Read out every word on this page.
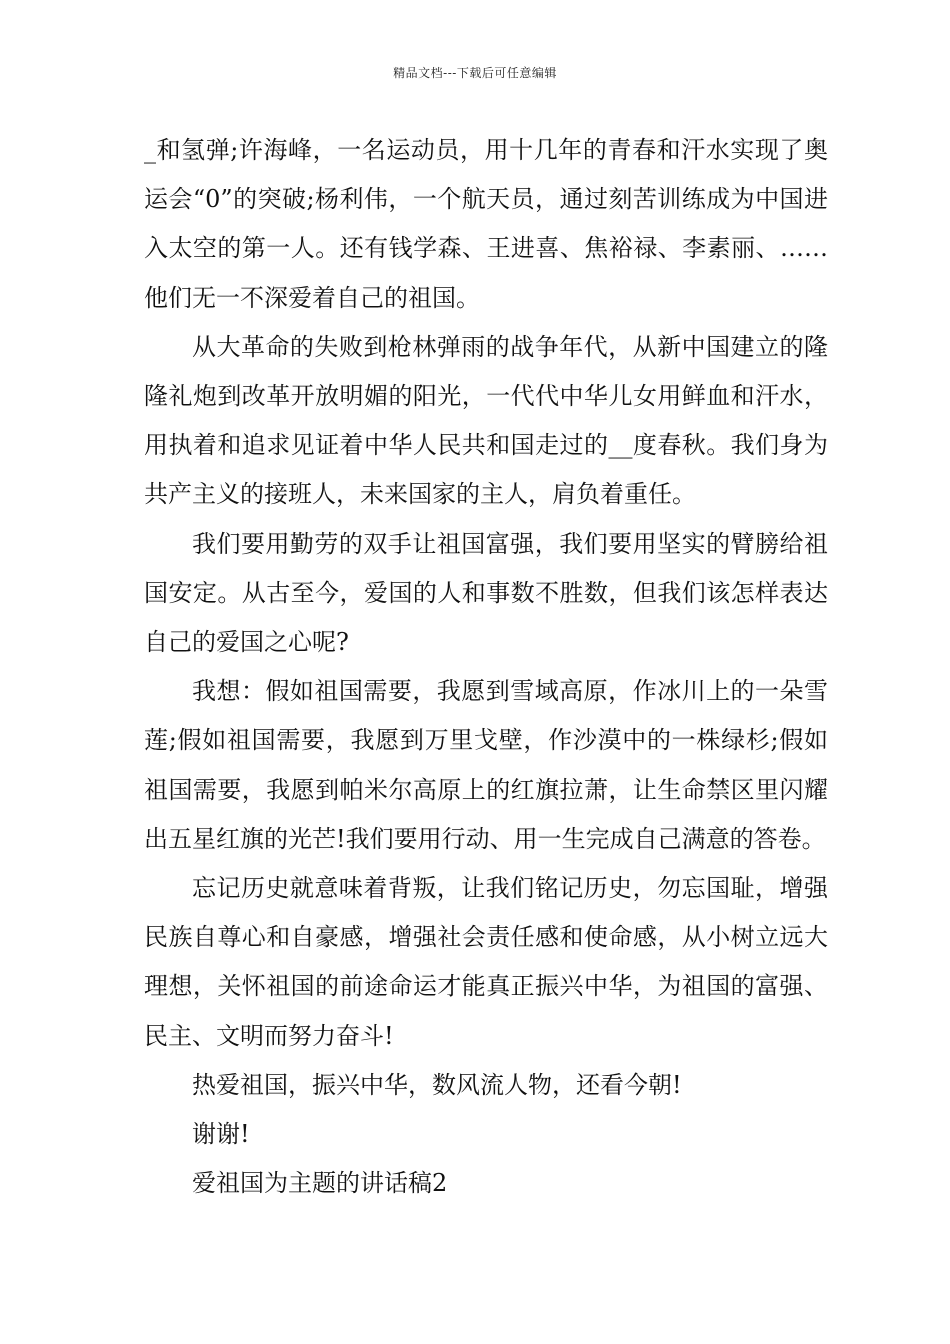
精品文档---下载后可任意编辑

_和氢弹;许海峰，一名运动员，用十几年的青春和汗水实现了奥运会“0”的突破;杨利伟，一个航天员，通过刻苦训练成为中国进入太空的第一人。还有钱学森、王进喜、焦裕禄、李素丽、……他们无一不深爱着自己的祖国。

从大革命的失败到枪林弹雨的战争年代，从新中国建立的隆隆礼炮到改革开放明媚的阳光，一代代中华儿女用鲜血和汗水，用执着和追求见证着中华人民共和国走过的__度春秋。我们身为共产主义的接班人，未来国家的主人，肩负着重任。

我们要用勤劳的双手让祖国富强，我们要用坚实的臂膀给祖国安定。从古至今，爱国的人和事数不胜数，但我们该怎样表达自己的爱国之心呢?

我想：假如祖国需要，我愿到雪域高原，作冰川上的一朵雪莲;假如祖国需要，我愿到万里戈壁，作沙漠中的一株绿杉;假如祖国需要，我愿到帕米尔高原上的红旗拉萧，让生命禁区里闪耀出五星红旗的光芒!我们要用行动、用一生完成自己满意的答卷。

忘记历史就意味着背叛，让我们铭记历史，勿忘国耻，增强民族自尊心和自豪感，增强社会责任感和使命感，从小树立远大理想，关怀祖国的前途命运才能真正振兴中华，为祖国的富强、民主、文明而努力奋斗!

热爱祖国，振兴中华，数风流人物，还看今朝!

谢谢!

爱祖国为主题的讲话稿2
